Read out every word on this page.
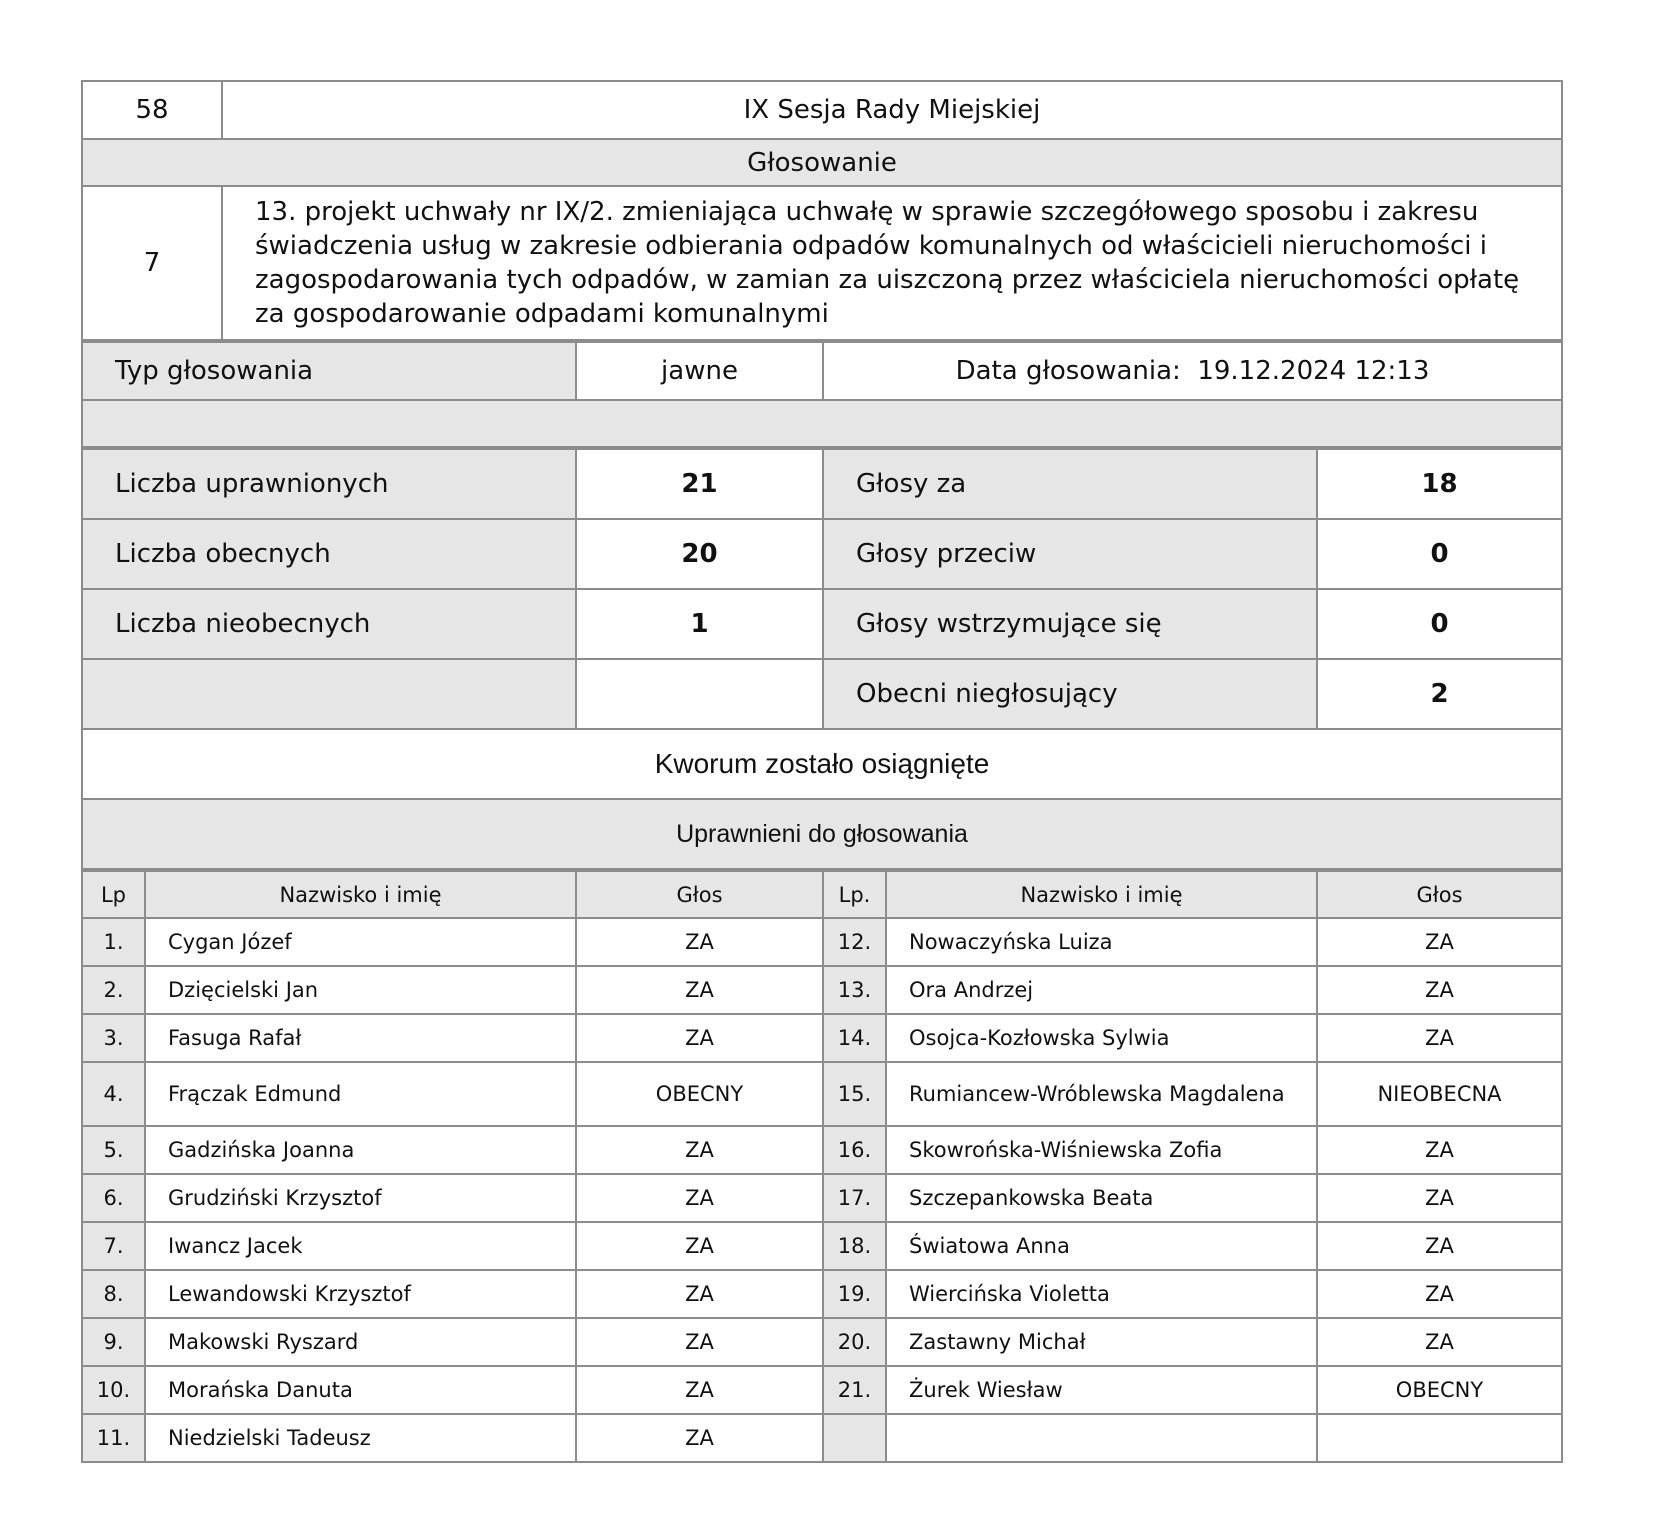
58	IX Sesja Rady Miejskiej
Głosowanie	
7	13. projekt uchwały nr IX/2. zmieniająca uchwałę w sprawie szczegółowego sposobu i zakresu świadczenia usług w zakresie odbierania odpadów komunalnych od właścicieli nieruchomości i zagospodarowania tych odpadów, w zamian za uiszczoną przez właściciela nieruchomości opłatę za gospodarowanie odpadami komunalnymi
Typ głosowania	jawne	Data głosowania: 19.12.2024 12:13

Liczba uprawnionych	21	Głosy za	18
Liczba obecnych	20	Głosy przeciw	0
Liczba nieobecnych	1	Głosy wstrzymujące się	0
		Obecni niegłosujący	2
Kworum zostało osiągnięte			
Uprawnieni do głosowania			
Lp	Nazwisko i imię	Głos	Lp.	Nazwisko i imię	Głos
1.	Cygan Józef	ZA	12.	Nowaczyńska Luiza	ZA
2.	Dzięcielski Jan	ZA	13.	Ora Andrzej	ZA
3.	Fasuga Rafał	ZA	14.	Osojca-Kozłowska Sylwia	ZA
4.	Frączak Edmund	OBECNY	15.	Rumiancew-Wróblewska Magdalena	NIEOBECNA
5.	Gadzińska Joanna	ZA	16.	Skowrońska-Wiśniewska Zofia	ZA
6.	Grudziński Krzysztof	ZA	17.	Szczepankowska Beata	ZA
7.	Iwancz Jacek	ZA	18.	Światowa Anna	ZA
8.	Lewandowski Krzysztof	ZA	19.	Wiercińska Violetta	ZA
9.	Makowski Ryszard	ZA	20.	Zastawny Michał	ZA
10.	Morańska Danuta	ZA	21.	Żurek Wiesław	OBECNY
11.	Niedzielski Tadeusz	ZA			
